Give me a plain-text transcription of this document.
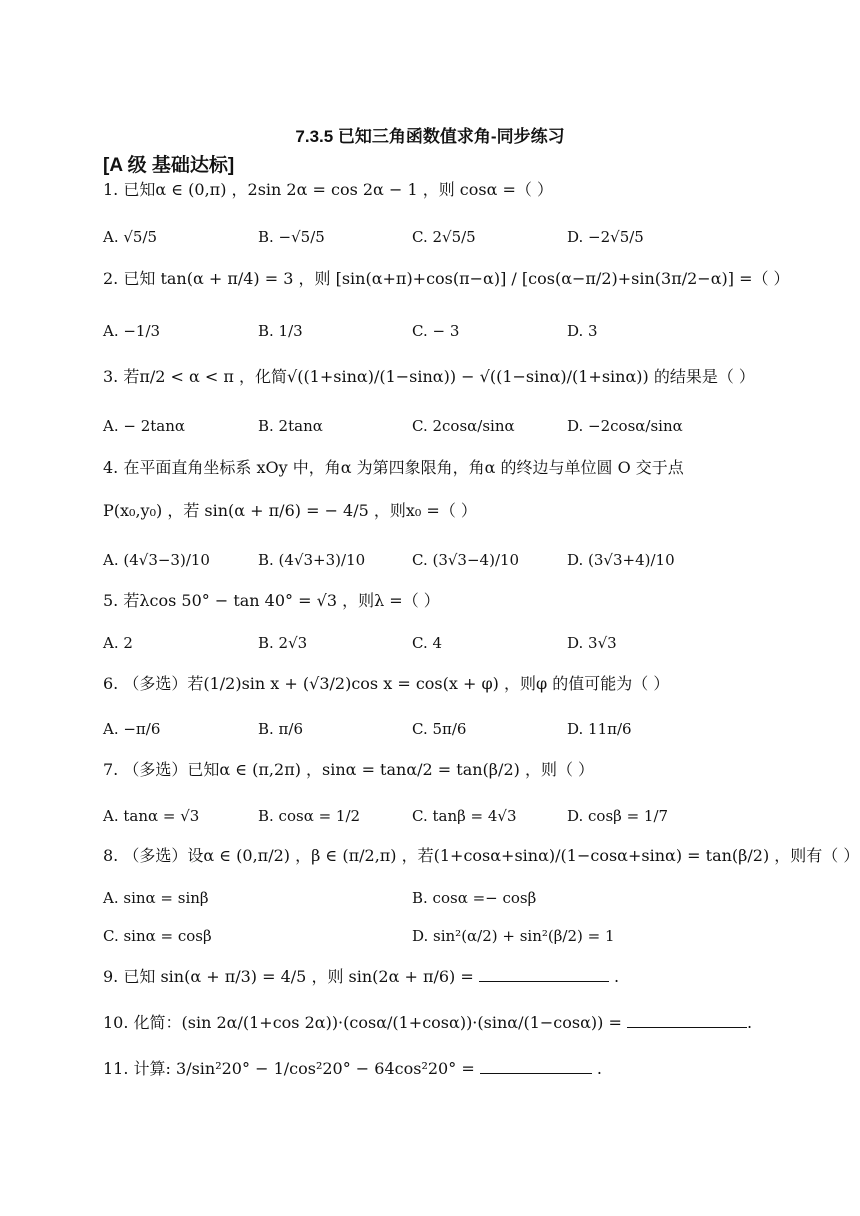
7.3.5 已知三角函数值求角-同步练习
[A 级 基础达标]
1. 已知α ∈ (0,π) ，2sin 2α = cos 2α − 1 ，则 cosα =（ ）
A. √5/5	B. −√5/5	C. 2√5/5	D. −2√5/5
2. 已知 tan(α + π/4) = 3 ，则 [sin(α+π)+cos(π−α)] / [cos(α−π/2)+sin(3π/2−α)] =（ ）
A. −1/3	B. 1/3	C. − 3	D. 3
3. 若π/2 < α < π ，化简√((1+sinα)/(1−sinα)) − √((1−sinα)/(1+sinα)) 的结果是（ ）
A. − 2tanα	B. 2tanα	C. 2cosα/sinα	D. −2cosα/sinα
4. 在平面直角坐标系 xOy 中，角α 为第四象限角，角α 的终边与单位圆 O 交于点
P(x₀,y₀) ，若 sin(α + π/6) = − 4/5 ，则x₀ =（ ）
A. (4√3−3)/10	B. (4√3+3)/10	C. (3√3−4)/10	D. (3√3+4)/10
5. 若λcos 50° − tan 40° = √3 ，则λ =（ ）
A. 2	B. 2√3	C. 4	D. 3√3
6. （多选）若(1/2)sin x + (√3/2)cos x = cos(x + φ) ，则φ 的值可能为（ ）
A. −π/6	B. π/6	C. 5π/6	D. 11π/6
7. （多选）已知α ∈ (π,2π) ，sinα = tanα/2 = tan(β/2) ，则（ ）
A. tanα = √3	B. cosα = 1/2	C. tanβ = 4√3	D. cosβ = 1/7
8. （多选）设α ∈ (0,π/2) ，β ∈ (π/2,π) ，若(1+cosα+sinα)/(1−cosα+sinα) = tan(β/2) ，则有（ ）
A. sinα = sinβ	B. cosα =− cosβ
C. sinα = cosβ	D. sin²(α/2) + sin²(β/2) = 1
9. 已知 sin(α + π/3) = 4/5 ，则 sin(2α + π/6) =	.
10. 化简：(sin 2α/(1+cos 2α))·(cosα/(1+cosα))·(sinα/(1−cosα)) =	.
11. 计算: 3/sin²20° − 1/cos²20° − 64cos²20° =	.
